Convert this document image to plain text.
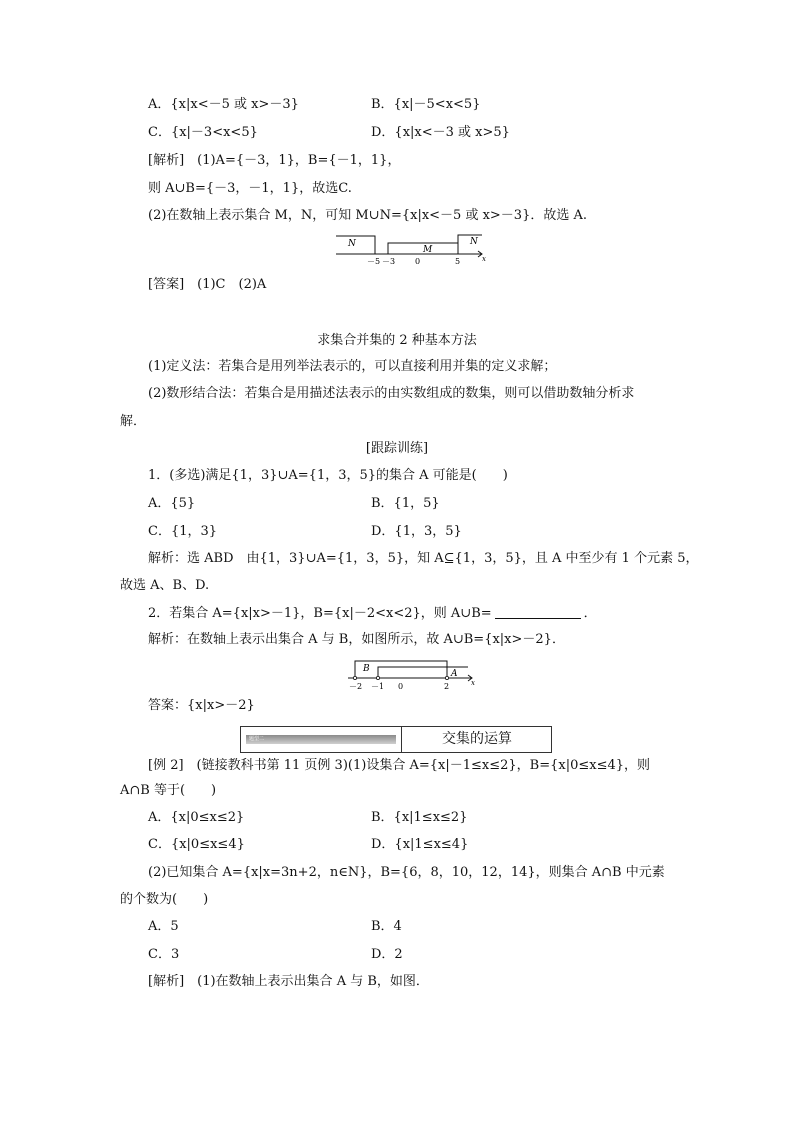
A．{x|x<－5 或 x>－3}	B．{x|－5<x<5}
C．{x|－3<x<5}	D．{x|x<－3 或 x>5}
[解析]　(1)A={－3，1}，B={－1，1}，
则 A∪B={－3，－1，1}，故选C.
(2)在数轴上表示集合 M，N，可知 M∪N={x|x<－5 或 x>－3}．故选 A.
N
M
N
－5 －3 0	5	x
[答案]　(1)C　(2)A
求集合并集的 2 种基本方法
(1)定义法：若集合是用列举法表示的，可以直接利用并集的定义求解；
(2)数形结合法：若集合是用描述法表示的由实数组成的数集，则可以借助数轴分析求
解．
[跟踪训练]
1．(多选)满足{1，3}∪A={1，3，5}的集合 A 可能是(　　)
A．{5}	B．{1，5}
C．{1，3}	D．{1，3，5}
解析：选 ABD　由{1，3}∪A={1，3，5}，知 A⊆{1，3，5}，且 A 中至少有 1 个元素 5，
故选 A、B、D.
2．若集合 A={x|x>－1}，B={x|－2<x<2}，则 A∪B=	．
解析：在数轴上表示出集合 A 与 B，如图所示，故 A∪B={x|x>－2}．
B	A
－2 －1 0	2	x
答案：{x|x>－2}
题型二	交集的运算
[例 2]　(链接教科书第 11 页例 3)(1)设集合 A={x|－1≤x≤2}，B={x|0≤x≤4}，则
A∩B 等于(　　)
A．{x|0≤x≤2}	B．{x|1≤x≤2}
C．{x|0≤x≤4}	D．{x|1≤x≤4}
(2)已知集合 A={x|x=3n+2，n∈N}，B={6，8，10，12，14}，则集合 A∩B 中元素
的个数为(　　)
A．5	B．4
C．3	D．2
[解析]　(1)在数轴上表示出集合 A 与 B，如图．
